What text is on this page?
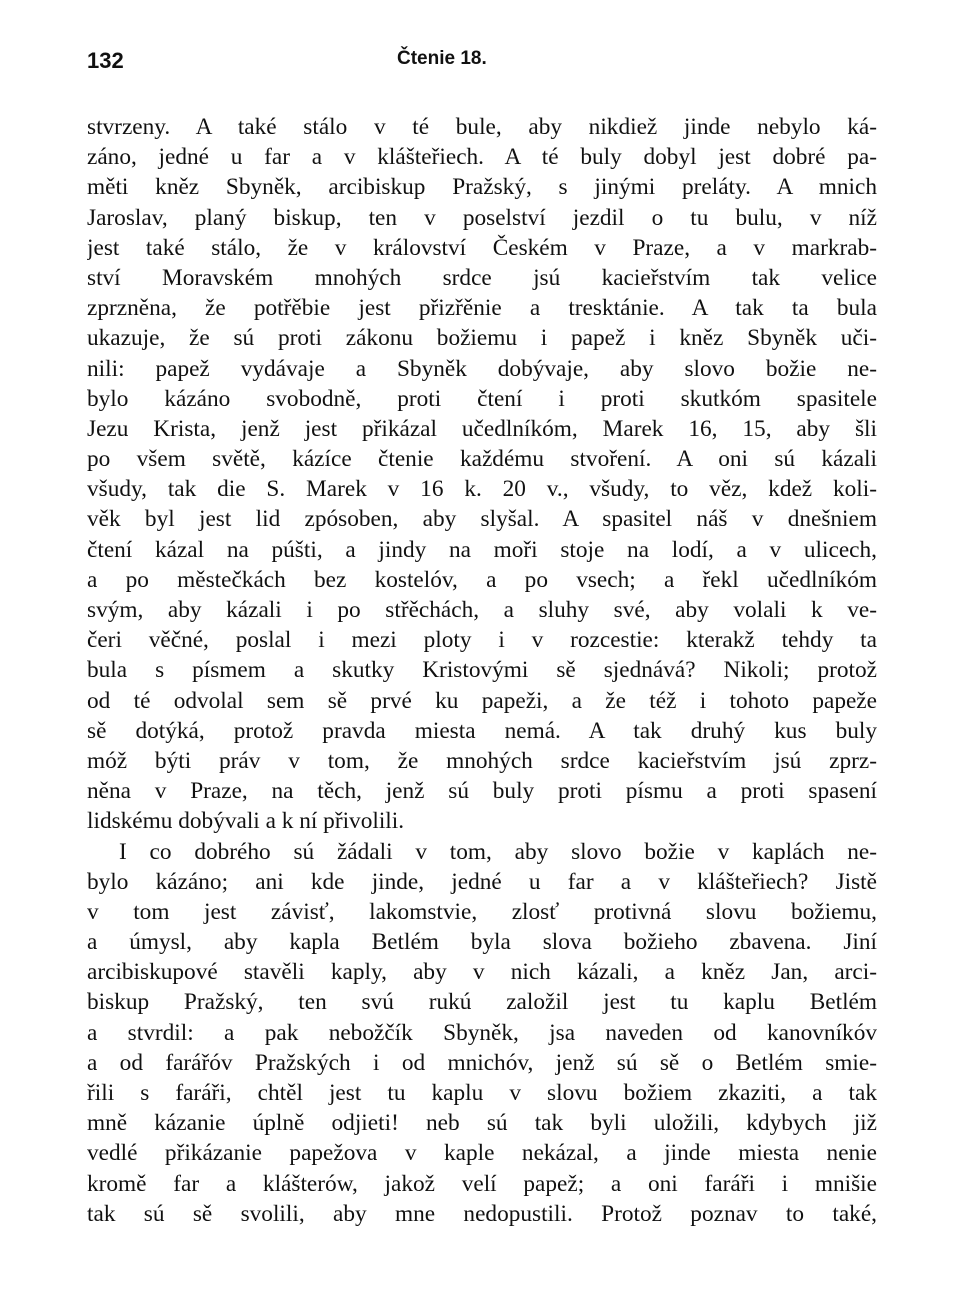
132	Čtenie 18.
stvrzeny. A také stálo v té bule, aby nikdiež jinde nebylo ká-
záno, jedné u far a v klášteřiech. A té buly dobyl jest dobré pa-
měti kněz Sbyněk, arcibiskup Pražský, s jinými preláty. A mnich
Jaroslav, planý biskup, ten v poselství jezdil o tu bulu, v níž
jest také stálo, že v království Českém v Praze, a v markrab-
ství Moravském mnohých srdce jsú kacieřstvím tak velice
zprzněna, že potřěbie jest přizřěnie a tresktánie. A tak ta bula
ukazuje, že sú proti zákonu božiemu i papež i kněz Sbyněk uči-
nili: papež vydávaje a Sbyněk dobývaje, aby slovo božie ne-
bylo kázáno svobodně, proti čtení i proti skutkóm spasitele
Jezu Krista, jenž jest přikázal učedlníkóm, Marek 16, 15, aby šli
po všem světě, kázíce čtenie každému stvoření. A oni sú kázali
všudy, tak die S. Marek v 16 k. 20 v., všudy, to věz, kdež koli-
věk byl jest lid zpósoben, aby slyšal. A spasitel náš v dnešniem
čtení kázal na púšti, a jindy na moři stoje na lodí, a v ulicech,
a po městečkách bez kostelóv, a po vsech; a řekl učedlníkóm
svým, aby kázali i po střěchách, a sluhy své, aby volali k ve-
čeri věčné, poslal i mezi ploty i v rozcestie: kterakž tehdy ta
bula s písmem a skutky Kristovými sě sjednává? Nikoli; protož
od té odvolal sem sě prvé ku papeži, a že též i tohoto papeže
sě dotýká, protož pravda miesta nemá. A tak druhý kus buly
móž býti práv v tom, že mnohých srdce kacieřstvím jsú zprz-
něna v Praze, na těch, jenž sú buly proti písmu a proti spasení
lidskému dobývali a k ní přivolili.
I co dobrého sú žádali v tom, aby slovo božie v kaplách ne-
bylo kázáno; ani kde jinde, jedné u far a v klášteřiech? Jistě
v tom jest závisť, lakomstvie, zlosť protivná slovu božiemu,
a úmysl, aby kapla Betlém byla slova božieho zbavena. Jiní
arcibiskupové stavěli kaply, aby v nich kázali, a kněz Jan, arci-
biskup Pražský, ten svú rukú založil jest tu kaplu Betlém
a stvrdil: a pak nebožčík Sbyněk, jsa naveden od kanovníkóv
a od farářóv Pražských i od mnichóv, jenž sú sě o Betlém smie-
řili s faráři, chtěl jest tu kaplu v slovu božiem zkaziti, a tak
mně kázanie úplně odjieti! neb sú tak byli uložili, kdybych již
vedlé přikázanie papežova v kaple nekázal, a jinde miesta nenie
kromě far a klášterów, jakož velí papež; a oni faráři i mnišie
tak sú sě svolili, aby mne nedopustili. Protož poznav to také,
